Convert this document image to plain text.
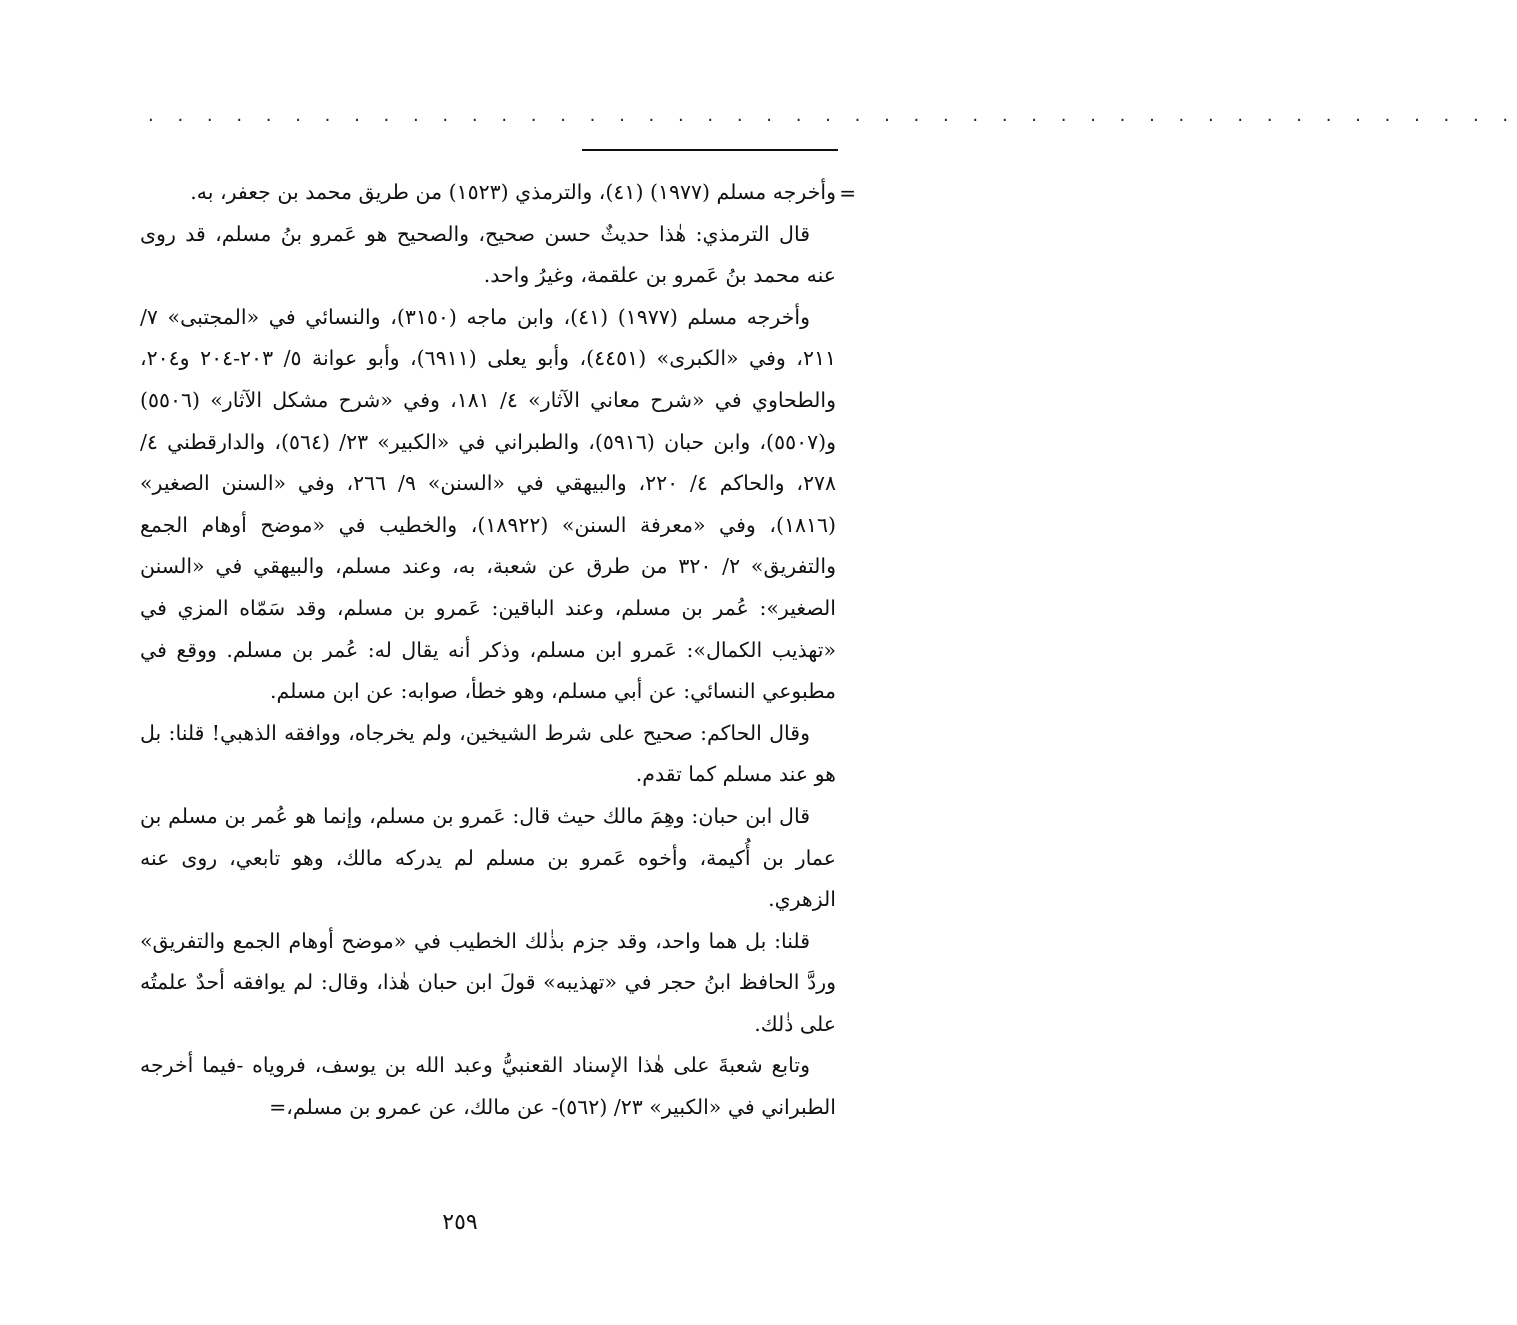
. . . . . . . . . . . . . . . . . . . . . . . . . . . . . . . . . . . . . . . . . . . . . . .
=

وأخرجه مسلم (١٩٧٧) (٤١)، والترمذي (١٥٢٣) من طريق محمد بن جعفر، به.

قال الترمذي: هٰذا حديثٌ حسن صحيح، والصحيح هو عَمرو بنُ مسلم، قد روى عنه محمد بنُ عَمرو بن علقمة، وغيرُ واحد.

وأخرجه مسلم (١٩٧٧) (٤١)، وابن ماجه (٣١٥٠)، والنسائي في «المجتبى» ٧/ ٢١١، وفي «الكبرى» (٤٤٥١)، وأبو يعلى (٦٩١١)، وأبو عوانة ٥/ ٢٠٣-٢٠٤ و٢٠٤، والطحاوي في «شرح معاني الآثار» ٤/ ١٨١، وفي «شرح مشكل الآثار» (٥٥٠٦) و(٥٥٠٧)، وابن حبان (٥٩١٦)، والطبراني في «الكبير» ٢٣/ (٥٦٤)، والدارقطني ٤/ ٢٧٨، والحاكم ٤/ ٢٢٠، والبيهقي في «السنن» ٩/ ٢٦٦، وفي «السنن الصغير» (١٨١٦)، وفي «معرفة السنن» (١٨٩٢٢)، والخطيب في «موضح أوهام الجمع والتفريق» ٢/ ٣٢٠ من طرق عن شعبة، به، وعند مسلم، والبيهقي في «السنن الصغير»: عُمر بن مسلم، وعند الباقين: عَمرو بن مسلم، وقد سَمّاه المزي في «تهذيب الكمال»: عَمرو ابن مسلم، وذكر أنه يقال له: عُمر بن مسلم. ووقع في مطبوعي النسائي: عن أبي مسلم، وهو خطأ، صوابه: عن ابن مسلم.

وقال الحاكم: صحيح على شرط الشيخين، ولم يخرجاه، ووافقه الذهبي! قلنا: بل هو عند مسلم كما تقدم.

قال ابن حبان: وهِمَ مالك حيث قال: عَمرو بن مسلم، وإنما هو عُمر بن مسلم بن عمار بن أُكيمة، وأخوه عَمرو بن مسلم لم يدركه مالك، وهو تابعي، روى عنه الزهري.

قلنا: بل هما واحد، وقد جزم بذٰلك الخطيب في «موضح أوهام الجمع والتفريق» وردَّ الحافظ ابنُ حجر في «تهذيبه» قولَ ابن حبان هٰذا، وقال: لم يوافقه أحدٌ علمتُه على ذٰلك.

وتابع شعبةَ على هٰذا الإسناد القعنبيُّ وعبد الله بن يوسف، فروياه -فيما أخرجه الطبراني في «الكبير» ٢٣/ (٥٦٢)- عن مالك، عن عمرو بن مسلم،=

٢٥٩
